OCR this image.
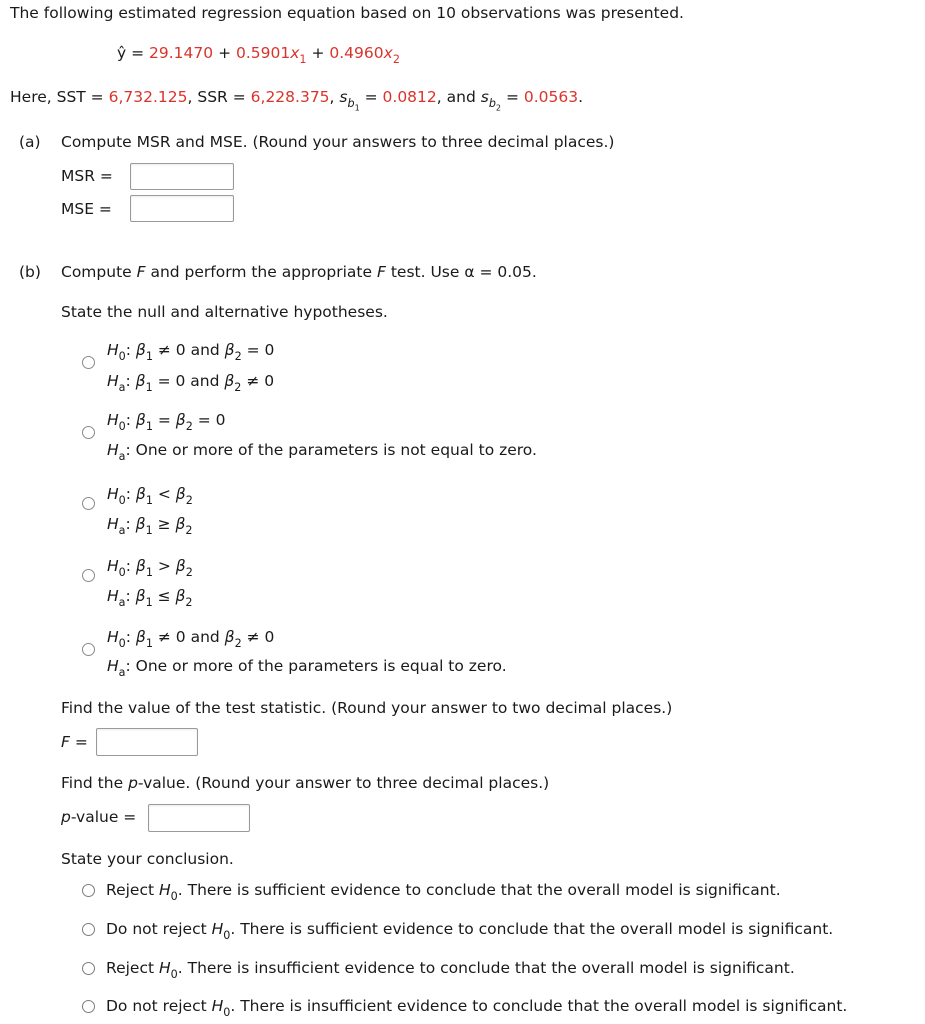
The following estimated regression equation based on 10 observations was presented.
ŷ = $29.1470 + 0.5901x_1 + 0.4960x_2$
Here, SST = 6,732.125, SSR = 6,228.375, $s_{b_1} = 0.0812$, and $s_{b_2} = 0.0563$.
(a) Compute MSR and MSE. (Round your answers to three decimal places.)
MSR =
MSE =
(b) Compute F and perform the appropriate F test. Use α = 0.05.
State the null and alternative hypotheses.
$H_0$: $\beta_1 \ne 0$ and $\beta_2 = 0$
$H_a$: $\beta_1 = 0$ and $\beta_2 \ne 0$
$H_0$: $\beta_1 = \beta_2 = 0$
$H_a$: One or more of the parameters is not equal to zero.
$H_0$: $\beta_1 < \beta_2$
$H_a$: $\beta_1 \ge \beta_2$
$H_0$: $\beta_1 > \beta_2$
$H_a$: $\beta_1 \le \beta_2$
$H_0$: $\beta_1 \ne 0$ and $\beta_2 \ne 0$
$H_a$: One or more of the parameters is equal to zero.
Find the value of the test statistic. (Round your answer to two decimal places.)
F =
Find the p-value. (Round your answer to three decimal places.)
p-value =
State your conclusion.
Reject $H_0$. There is sufficient evidence to conclude that the overall model is significant.
Do not reject $H_0$. There is sufficient evidence to conclude that the overall model is significant.
Reject $H_0$. There is insufficient evidence to conclude that the overall model is significant.
Do not reject $H_0$. There is insufficient evidence to conclude that the overall model is significant.
